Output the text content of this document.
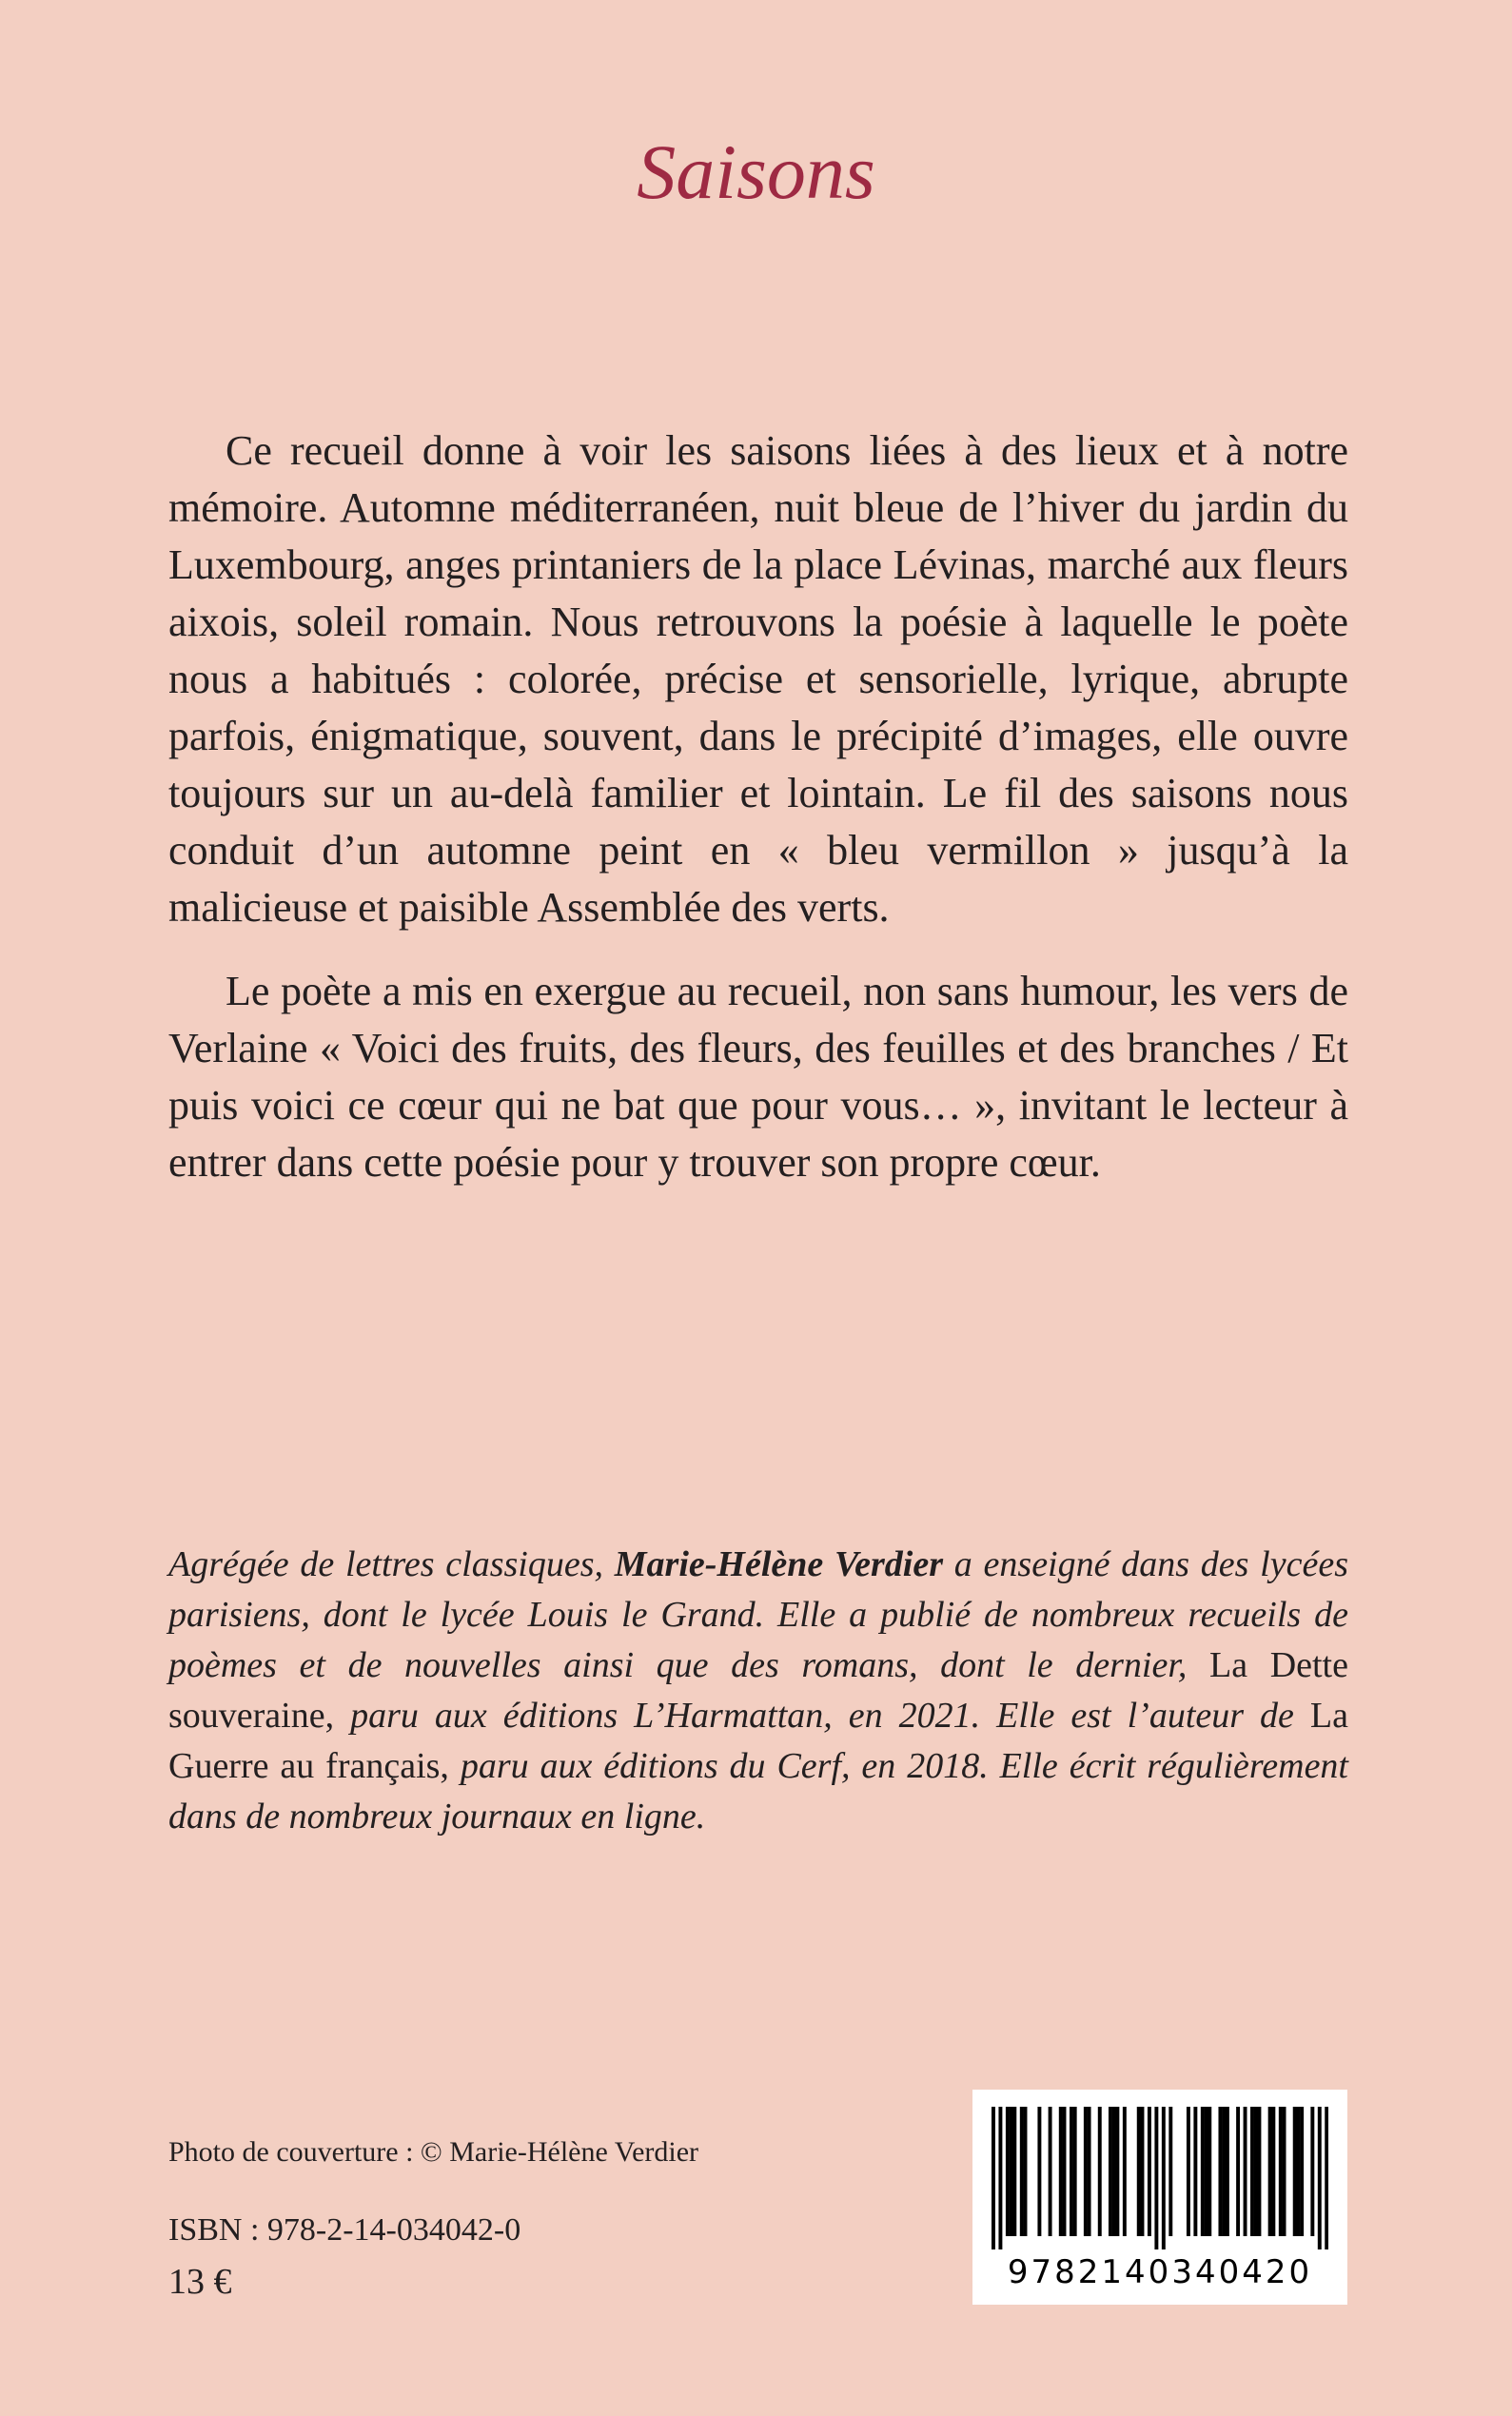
Saisons

Ce recueil donne à voir les saisons liées à des lieux et à notre mémoire. Automne méditerranéen, nuit bleue de l’hiver du jardin du Luxembourg, anges printaniers de la place Lévinas, marché aux fleurs aixois, soleil romain. Nous retrouvons la poésie à laquelle le poète nous a habitués : colorée, précise et sensorielle, lyrique, abrupte parfois, énigmatique, souvent, dans le précipité d’images, elle ouvre toujours sur un au-delà familier et lointain. Le fil des saisons nous conduit d’un automne peint en « bleu vermillon » jusqu’à la malicieuse et paisible Assemblée des verts.

Le poète a mis en exergue au recueil, non sans humour, les vers de Verlaine « Voici des fruits, des fleurs, des feuilles et des branches / Et puis voici ce cœur qui ne bat que pour vous… », invitant le lecteur à entrer dans cette poésie pour y trouver son propre cœur.

Agrégée de lettres classiques, Marie-Hélène Verdier a enseigné dans des lycées parisiens, dont le lycée Louis le Grand. Elle a publié de nombreux recueils de poèmes et de nouvelles ainsi que des romans, dont le dernier, La Dette souveraine, paru aux éditions L’Harmattan, en 2021. Elle est l’auteur de La Guerre au français, paru aux éditions du Cerf, en 2018. Elle écrit régulièrement dans de nombreux journaux en ligne.

Photo de couverture : © Marie-Hélène Verdier
ISBN : 978-2-14-034042-0
13 €	9782140340420
